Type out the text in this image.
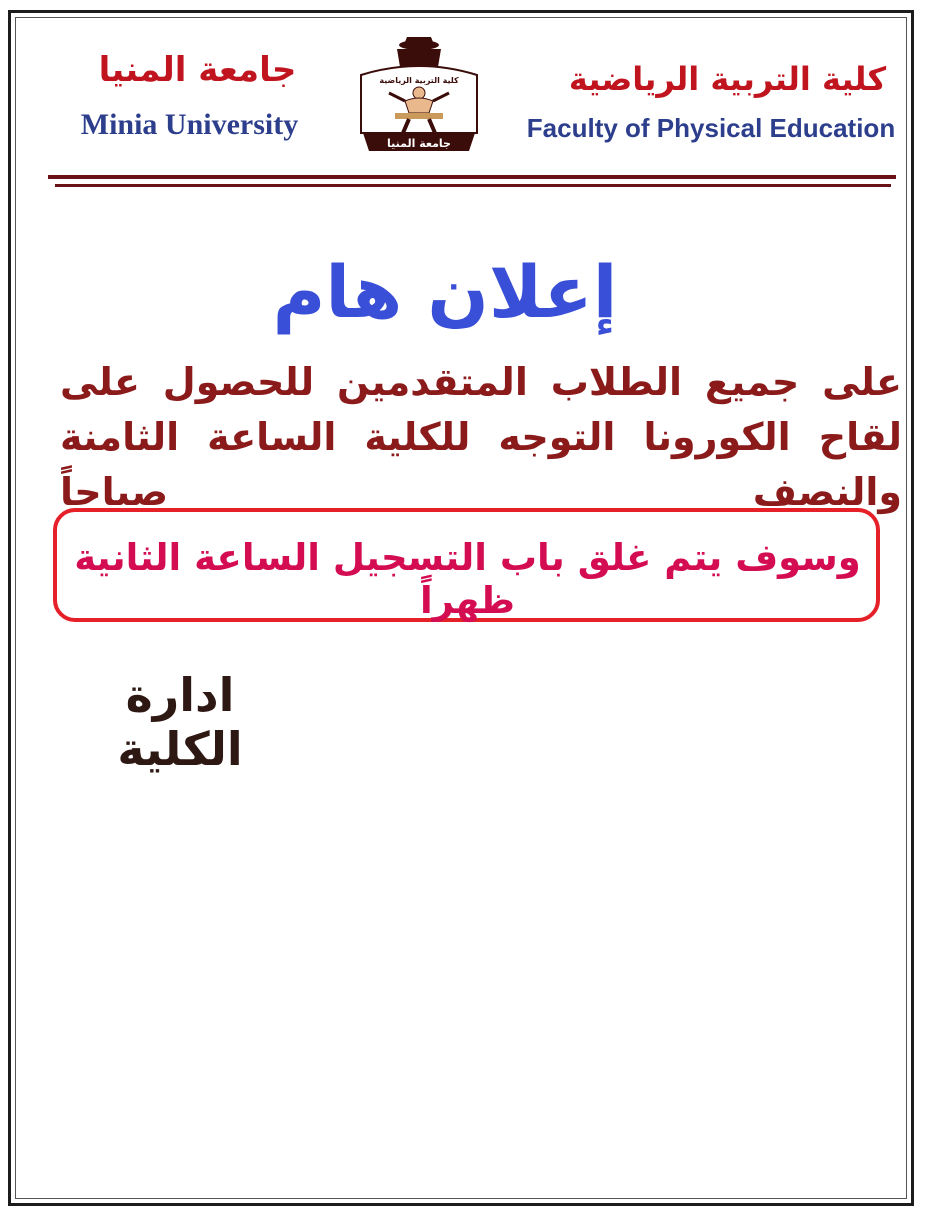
جامعة المنيا
Minia University
كلية التربية الرياضية
جامعة المنيا
كلية التربية الرياضية
Faculty of Physical Education
إعلان هام
على جميع الطلاب المتقدمين للحصول على لقاح الكورونا التوجه للكلية الساعة الثامنة والنصف صباحاً
وسوف يتم غلق باب التسجيل الساعة الثانية ظهراً
ادارة الكلية
